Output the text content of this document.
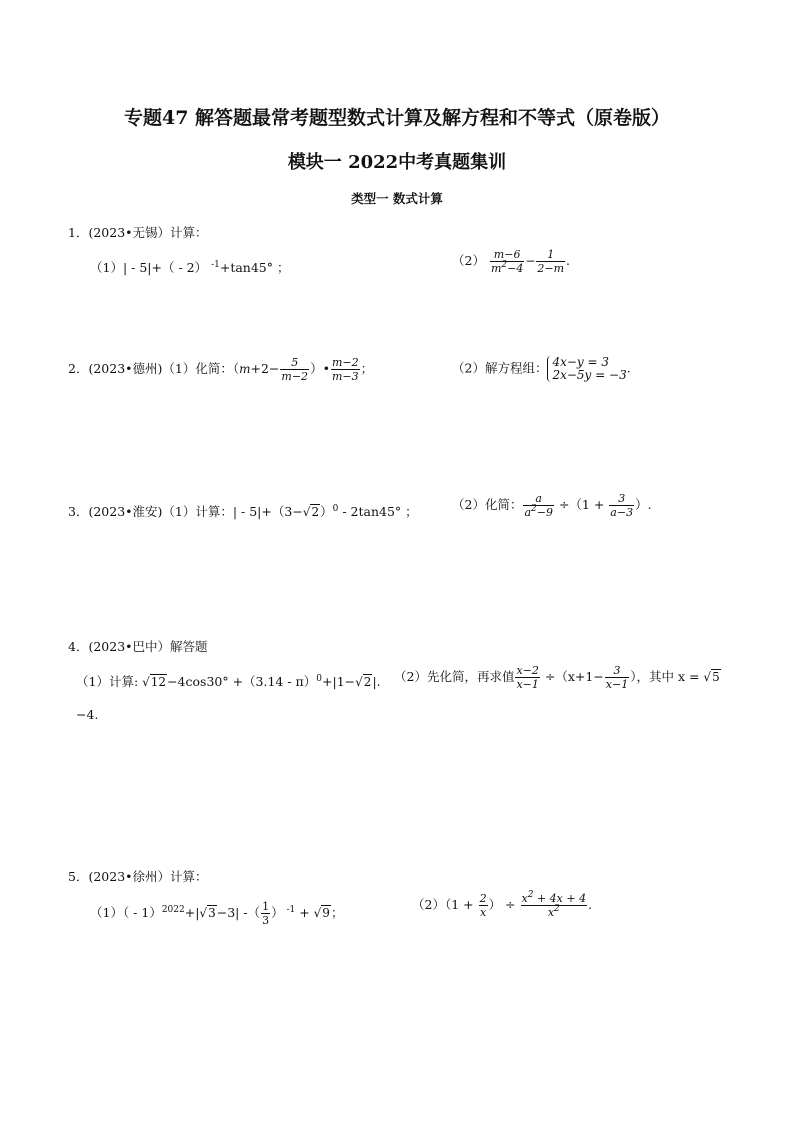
专题47 解答题最常考题型数式计算及解方程和不等式（原卷版）
模块一 2022中考真题集训
类型一 数式计算
1．(2023•无锡）计算：
（1）| - 5|+（ - 2） $^{-1}$+tan45° ；	$(2) \frac{m-6}{m^2-4} - \frac{1}{2-m}$ .
2．(2023•德州)（1）化简：（$m+2- \frac{5}{m-2}$ ）• $\frac{m-2}{m-3}$ ；	（2）解方程组： 4x−y = 3
2x−5y = −3 .
3．(2023•淮安)（1）计算：| - $5|+(3-√2)^0 - 2\tan 45^\circ$ ；	（2）化简： $\frac{a}{a^2-9} \div(1 + \frac{3}{a-3}$ ）.
4．(2023•巴中）解答题
（1）计算: √12−4cos30° +（3.14 - π）$^0$+|1−√2|. （2）先化简，再求值 $\frac{x-2}{x-1} \div(x+1- \frac{3}{x-1}$ ），其中 x = √5
−4.
5．(2023•徐州）计算：
（1）（ - 1）$^{2022}$+|√3−3| -（ $\frac{1}{3}$ ） $^{-1}$ + √9；
$(2)(1 + \frac{2}{x}$ ） ÷ $\frac{x^2 + 4x + 4}{x^2}$ .
